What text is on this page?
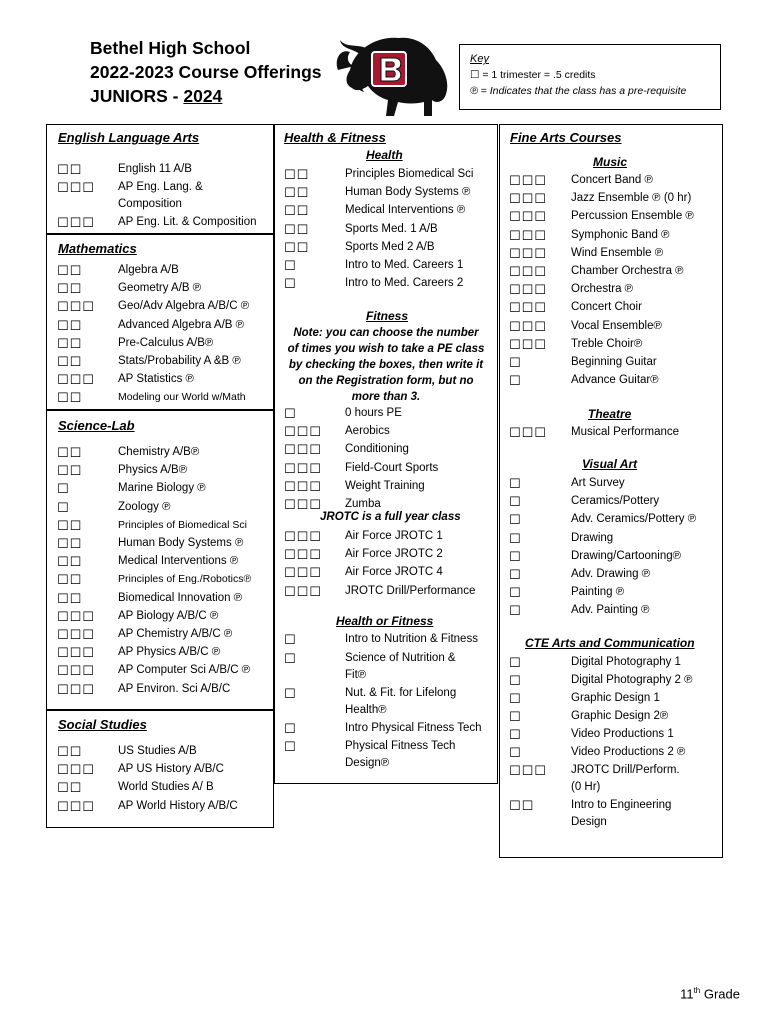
Bethel High School
2022-2023 Course Offerings
JUNIORS - 2024
Key
☐ = 1 trimester = .5 credits
℗ = Indicates that the class has a pre-requisite
English Language Arts
☐☐	English 11 A/B
☐☐☐ AP Eng. Lang. &
Composition
☐☐☐ AP Eng. Lit. & Composition
Mathematics
☐☐	Algebra A/B
☐☐	Geometry A/B ℗
☐☐☐ Geo/Adv Algebra A/B/C ℗
☐☐	Advanced Algebra A/B ℗
☐☐	Pre-Calculus A/B℗
☐☐	Stats/Probability A &B ℗
☐☐☐ AP Statistics ℗
☐☐	Modeling our World w/Math
Science-Lab
☐☐	Chemistry A/B℗
☐☐	Physics A/B℗
☐	Marine Biology ℗
☐	Zoology ℗
☐☐	Principles of Biomedical Sci
☐☐	Human Body Systems ℗
☐☐	Medical Interventions ℗
☐☐	Principles of Eng./Robotics℗
☐☐	Biomedical Innovation ℗
☐☐☐ AP Biology A/B/C ℗
☐☐☐ AP Chemistry A/B/C ℗
☐☐☐ AP Physics A/B/C ℗
☐☐☐ AP Computer Sci A/B/C ℗
☐☐☐ AP Environ. Sci A/B/C
Social Studies
☐☐	US Studies A/B
☐☐☐ AP US History A/B/C
☐☐	World Studies A/ B
☐☐☐ AP World History A/B/C
Health & Fitness
Health
☐☐	Principles Biomedical Sci
☐☐	Human Body Systems ℗
☐☐	Medical Interventions ℗
☐☐	Sports Med. 1 A/B
☐☐	Sports Med 2 A/B
☐	Intro to Med. Careers 1
☐	Intro to Med. Careers 2
Fitness
Note: you can choose the number
of times you wish to take a PE class
by checking the boxes, then write it
on the Registration form, but no
more than 3.
☐	0 hours PE
☐☐☐ Aerobics
☐☐☐ Conditioning
☐☐☐ Field-Court Sports
☐☐☐ Weight Training
☐☐☐ Zumba
JROTC is a full year class
☐☐☐ Air Force JROTC 1
☐☐☐ Air Force JROTC 2
☐☐☐ Air Force JROTC 4
☐☐☐ JROTC Drill/Performance
Health or Fitness
☐	Intro to Nutrition & Fitness
☐	Science of Nutrition &
Fit℗
☐	Nut. & Fit. for Lifelong
Health℗
☐	Intro Physical Fitness Tech
☐	Physical Fitness Tech
Design℗
Fine Arts Courses
Music
☐☐☐ Concert Band ℗
☐☐☐ Jazz Ensemble ℗ (0 hr)
☐☐☐ Percussion Ensemble ℗
☐☐☐ Symphonic Band ℗
☐☐☐ Wind Ensemble ℗
☐☐☐ Chamber Orchestra ℗
☐☐☐ Orchestra ℗
☐☐☐ Concert Choir
☐☐☐ Vocal Ensemble℗
☐☐☐ Treble Choir℗
☐	Beginning Guitar
☐	Advance Guitar℗
Theatre
☐☐☐ Musical Performance
Visual Art
☐	Art Survey
☐	Ceramics/Pottery
☐	Adv. Ceramics/Pottery ℗
☐	Drawing
☐	Drawing/Cartooning℗
☐	Adv. Drawing ℗
☐	Painting ℗
☐	Adv. Painting ℗
CTE Arts and Communication
☐	Digital Photography 1
☐	Digital Photography 2 ℗
☐	Graphic Design 1
☐	Graphic Design 2℗
☐	Video Productions 1
☐	Video Productions 2 ℗
☐☐☐ JROTC Drill/Perform.
(0 Hr)
☐☐	Intro to Engineering
Design
11th Grade
